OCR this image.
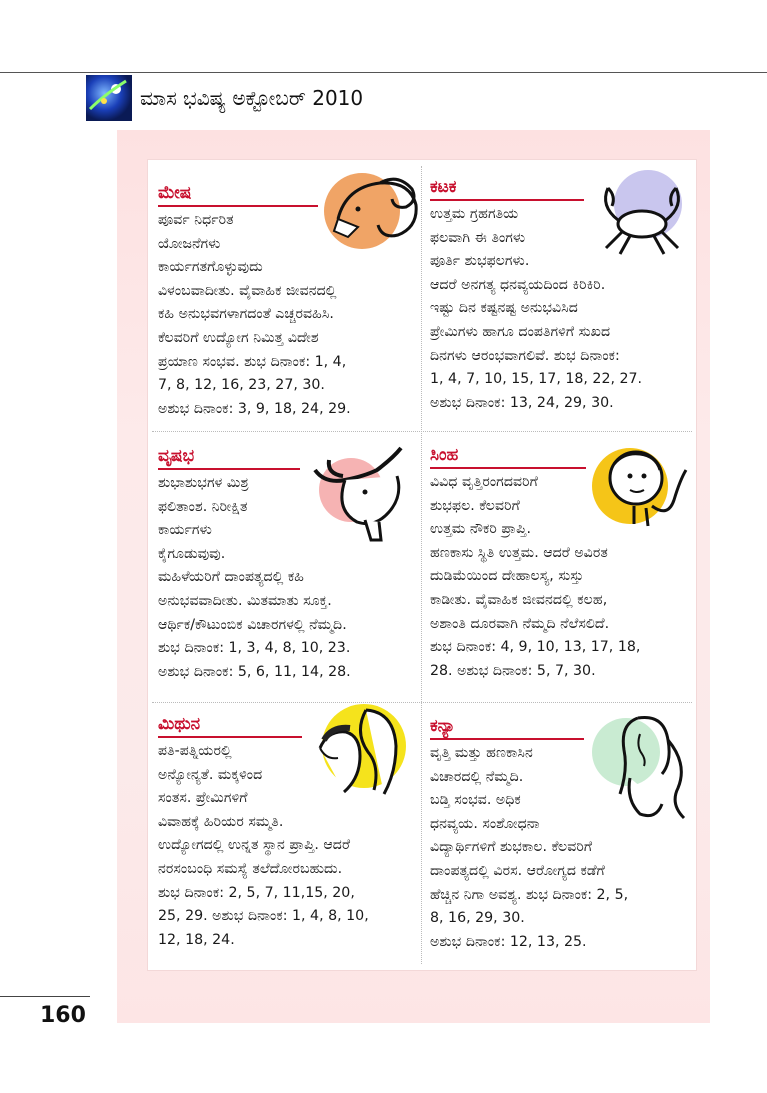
ಮಾಸ ಭವಿಷ್ಯ ಅಕ್ಟೋಬರ್ 2010
ಮೇಷ
ಪೂರ್ವ ನಿರ್ಧರಿತ
ಯೋಜನೆಗಳು
ಕಾರ್ಯಗತಗೊಳ್ಳುವುದು
ವಿಳಂಬವಾದೀತು. ವೈವಾಹಿಕ ಜೀವನದಲ್ಲಿ
ಕಹಿ ಅನುಭವಗಳಾಗದಂತೆ ಎಚ್ಚರವಹಿಸಿ.
ಕೆಲವರಿಗೆ ಉದ್ಯೋಗ ನಿಮಿತ್ತ ವಿದೇಶ
ಪ್ರಯಾಣ ಸಂಭವ. ಶುಭ ದಿನಾಂಕ: 1, 4,
7, 8, 12, 16, 23, 27, 30.
ಅಶುಭ ದಿನಾಂಕ: 3, 9, 18, 24, 29.
ಕಟಕ
ಉತ್ತಮ ಗ್ರಹಗತಿಯ
ಫಲವಾಗಿ ಈ ತಿಂಗಳು
ಪೂರ್ತಿ ಶುಭಫಲಗಳು.
ಆದರೆ ಅನಗತ್ಯ ಧನವ್ಯಯದಿಂದ ಕಿರಿಕಿರಿ.
ಇಷ್ಟು ದಿನ ಕಷ್ಟನಷ್ಟ ಅನುಭವಿಸಿದ
ಪ್ರೇಮಿಗಳು ಹಾಗೂ ದಂಪತಿಗಳಿಗೆ ಸುಖದ
ದಿನಗಳು ಆರಂಭವಾಗಲಿವೆ. ಶುಭ ದಿನಾಂಕ:
1, 4, 7, 10, 15, 17, 18, 22, 27.
ಅಶುಭ ದಿನಾಂಕ: 13, 24, 29, 30.
ವೃಷಭ
ಶುಭಾಶುಭಗಳ ಮಿಶ್ರ
ಫಲಿತಾಂಶ. ನಿರೀಕ್ಷಿತ
ಕಾರ್ಯಗಳು
ಕೈಗೂಡುವುವು.
ಮಹಿಳೆಯರಿಗೆ ದಾಂಪತ್ಯದಲ್ಲಿ ಕಹಿ
ಅನುಭವವಾದೀತು. ಮಿತಮಾತು ಸೂಕ್ತ.
ಆರ್ಥಿಕ/ಕೌಟುಂಬಿಕ ವಿಚಾರಗಳಲ್ಲಿ ನೆಮ್ಮದಿ.
ಶುಭ ದಿನಾಂಕ: 1, 3, 4, 8, 10, 23.
ಅಶುಭ ದಿನಾಂಕ: 5, 6, 11, 14, 28.
ಸಿಂಹ
ವಿವಿಧ ವೃತ್ತಿರಂಗದವರಿಗೆ
ಶುಭಫಲ. ಕೆಲವರಿಗೆ
ಉತ್ತಮ ನೌಕರಿ ಪ್ರಾಪ್ತಿ.
ಹಣಕಾಸು ಸ್ಥಿತಿ ಉತ್ತಮ. ಆದರೆ ಅವಿರತ
ದುಡಿಮೆಯಿಂದ ದೇಹಾಲಸ್ಯ, ಸುಸ್ತು
ಕಾಡೀತು. ವೈವಾಹಿಕ ಜೀವನದಲ್ಲಿ ಕಲಹ,
ಅಶಾಂತಿ ದೂರವಾಗಿ ನೆಮ್ಮದಿ ನೆಲೆಸಲಿದೆ.
ಶುಭ ದಿನಾಂಕ: 4, 9, 10, 13, 17, 18,
28. ಅಶುಭ ದಿನಾಂಕ: 5, 7, 30.
ಮಿಥುನ
ಪತಿ-ಪತ್ನಿಯರಲ್ಲಿ
ಅನ್ಯೋನ್ಯತೆ. ಮಕ್ಕಳಿಂದ
ಸಂತಸ. ಪ್ರೇಮಿಗಳಿಗೆ
ವಿವಾಹಕ್ಕೆ ಹಿರಿಯರ ಸಮ್ಮತಿ.
ಉದ್ಯೋಗದಲ್ಲಿ ಉನ್ನತ ಸ್ಥಾನ ಪ್ರಾಪ್ತಿ. ಆದರೆ
ನರಸಂಬಂಧಿ ಸಮಸ್ಯೆ ತಲೆದೋರಬಹುದು.
ಶುಭ ದಿನಾಂಕ: 2, 5, 7, 11,15, 20,
25, 29. ಅಶುಭ ದಿನಾಂಕ: 1, 4, 8, 10,
12, 18, 24.
ಕನ್ಯಾ
ವೃತ್ತಿ ಮತ್ತು ಹಣಕಾಸಿನ
ವಿಚಾರದಲ್ಲಿ ನೆಮ್ಮದಿ.
ಬಡ್ತಿ ಸಂಭವ. ಅಧಿಕ
ಧನವ್ಯಯ. ಸಂಶೋಧನಾ
ವಿದ್ಯಾರ್ಥಿಗಳಿಗೆ ಶುಭಕಾಲ. ಕೆಲವರಿಗೆ
ದಾಂಪತ್ಯದಲ್ಲಿ ವಿರಸ. ಆರೋಗ್ಯದ ಕಡೆಗೆ
ಹೆಚ್ಚಿನ ನಿಗಾ ಅವಶ್ಯ. ಶುಭ ದಿನಾಂಕ: 2, 5,
8, 16, 29, 30.
ಅಶುಭ ದಿನಾಂಕ: 12, 13, 25.
160
